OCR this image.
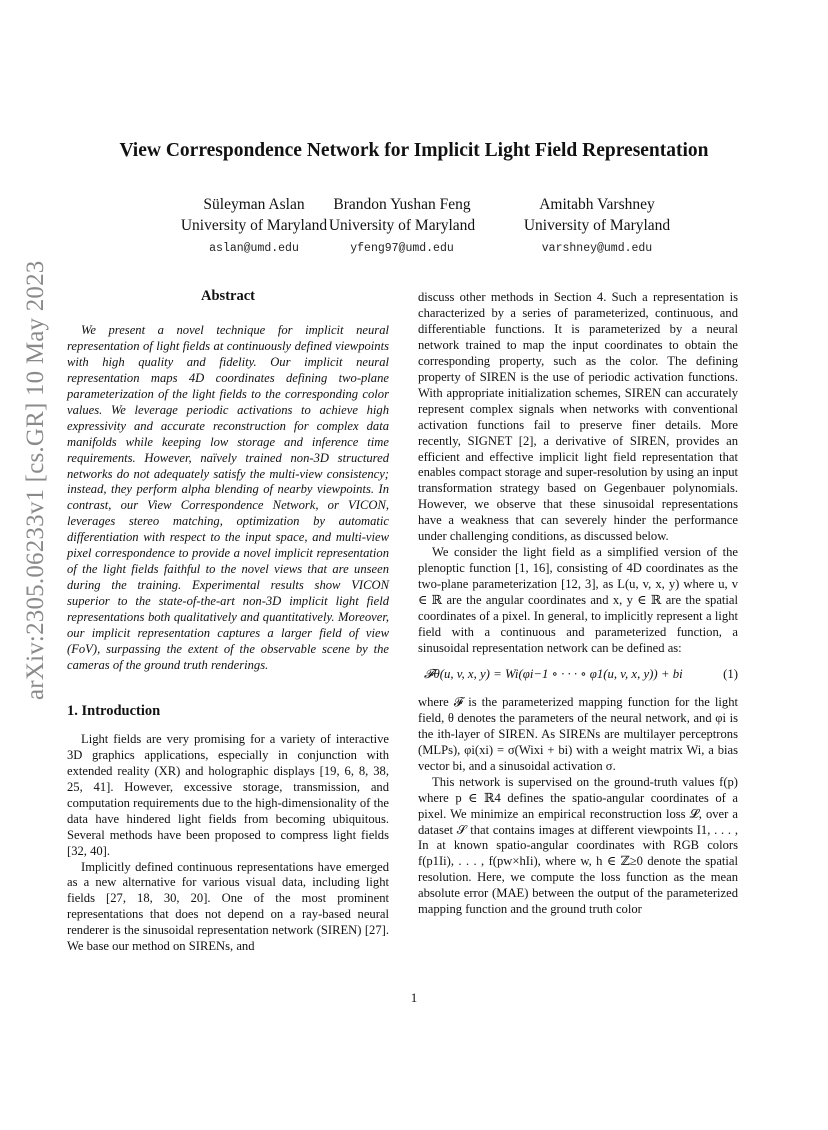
View Correspondence Network for Implicit Light Field Representation
Süleyman Aslan
University of Maryland
aslan@umd.edu
Brandon Yushan Feng
University of Maryland
yfeng97@umd.edu
Amitabh Varshney
University of Maryland
varshney@umd.edu
arXiv:2305.06233v1 [cs.GR] 10 May 2023	Abstract

We present a novel technique for implicit neural representation of light fields at continuously defined viewpoints with high quality and fidelity. Our implicit neural representation maps 4D coordinates defining two-plane parameterization of the light fields to the corresponding color values. We leverage periodic activations to achieve high expressivity and accurate reconstruction for complex data manifolds while keeping low storage and inference time requirements. However, naïvely trained non-3D structured networks do not adequately satisfy the multi-view consistency; instead, they perform alpha blending of nearby viewpoints. In contrast, our View Correspondence Network, or VICON, leverages stereo matching, optimization by automatic differentiation with respect to the input space, and multi-view pixel correspondence to provide a novel implicit representation of the light fields faithful to the novel views that are unseen during the training. Experimental results show VICON superior to the state-of-the-art non-3D implicit light field representations both qualitatively and quantitatively. Moreover, our implicit representation captures a larger field of view (FoV), surpassing the extent of the observable scene by the cameras of the ground truth renderings.

1. Introduction

Light fields are very promising for a variety of interactive 3D graphics applications, especially in conjunction with extended reality (XR) and holographic displays [19, 6, 8, 38, 25, 41]. However, excessive storage, transmission, and computation requirements due to the high-dimensionality of the data have hindered light fields from becoming ubiquitous. Several methods have been proposed to compress light fields [32, 40].

Implicitly defined continuous representations have emerged as a new alternative for various visual data, including light fields [27, 18, 30, 20]. One of the most prominent representations that does not depend on a ray-based neural renderer is the sinusoidal representation network (SIREN) [27]. We base our method on SIRENs, and

discuss other methods in Section 4. Such a representation is characterized by a series of parameterized, continuous, and differentiable functions. It is parameterized by a neural network trained to map the input coordinates to obtain the corresponding property, such as the color. The defining property of SIREN is the use of periodic activation functions. With appropriate initialization schemes, SIREN can accurately represent complex signals when networks with conventional activation functions fail to preserve finer details. More recently, SIGNET [2], a derivative of SIREN, provides an efficient and effective implicit light field representation that enables compact storage and super-resolution by using an input transformation strategy based on Gegenbauer polynomials. However, we observe that these sinusoidal representations have a weakness that can severely hinder the performance under challenging conditions, as discussed below.

We consider the light field as a simplified version of the plenoptic function [1, 16], consisting of 4D coordinates as the two-plane parameterization [12, 3], as L(u, v, x, y) where u, v ∈ ℝ are the angular coordinates and x, y ∈ ℝ are the spatial coordinates of a pixel. In general, to implicitly represent a light field with a continuous and parameterized function, a sinusoidal representation network can be defined as:

𝓕θ(u, v, x, y) = Wi(φi−1 ∘ · · · ∘ φ1(u, v, x, y)) + bi	(1)

where 𝓕 is the parameterized mapping function for the light field, θ denotes the parameters of the neural network, and φi is the ith-layer of SIREN. As SIRENs are multilayer perceptrons (MLPs), φi(xi) = σ(Wixi + bi) with a weight matrix Wi, a bias vector bi, and a sinusoidal activation σ.

This network is supervised on the ground-truth values f(p) where p ∈ ℝ4 defines the spatio-angular coordinates of a pixel. We minimize an empirical reconstruction loss 𝓛, over a dataset 𝒮 that contains images at different viewpoints I1, . . . , In at known spatio-angular coordinates with RGB colors f(p1Ii), . . . , f(pw×hIi), where w, h ∈ ℤ≥0 denote the spatial resolution. Here, we compute the loss function as the mean absolute error (MAE) between the output of the parameterized mapping function and the ground truth color

1
